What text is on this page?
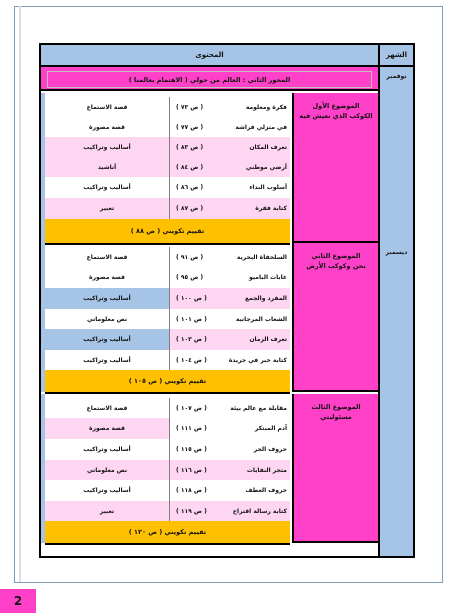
الشهر
المحتوى
نوفمبر
ديسمبر
المحور الثاني : العالم من حولي ( الاهتمام بعالمنا )
الموضوع الأول
الكوكب الذي نعيش فيه
فكرة ومعلومة
( ص ٧٣ )
قصة الاستماع
في منزلي فراشة
( ص ٧٧ )
قصة مصورة
تعرف المكان
( ص ٨٣ )
أساليب وتراكيب
أرضي موطني
( ص ٨٤ )
أناشيد
أسلوب النداء
( ص ٨٦ )
أساليب وتراكيب
كتابة فقرة
( ص ٨٧ )
تعبير
تقييم تكويني ( ص ٨٨ )
الموضوع الثاني
نحن وكوكب الأرض
السلحفاة البحرية
( ص ٩١ )
قصة الاستماع
غابات الباميو
( ص ٩٥ )
قصة مصورة
المفرد والجمع
( ص ١٠٠ )
أساليب وتراكيب
الشعاب المرجانية
( ص ١٠١ )
نص معلوماتي
تعرف الزمان
( ص ١٠٣ )
أساليب وتراكيب
كتابة خبر في جريدة
( ص ١٠٤ )
أساليب وتراكيب
تقييم تكويني ( ص ١٠٥ )
الموضوع الثالث
مسئوليتي
مقابلة مع عالم بيئة
( ص ١٠٧ )
قصة الاستماع
آدم المبتكر
( ص ١١١ )
قصة مصورة
حروف الجر
( ص ١١٥ )
أساليب وتراكيب
متجر النفايات
( ص ١١٦ )
نص معلوماتي
حروف العطف
( ص ١١٨ )
أساليب وتراكيب
كتابة رسالة اقتراح
( ص ١١٩ )
تعبير
تقييم تكويني ( ص ١٢٠ )
2
